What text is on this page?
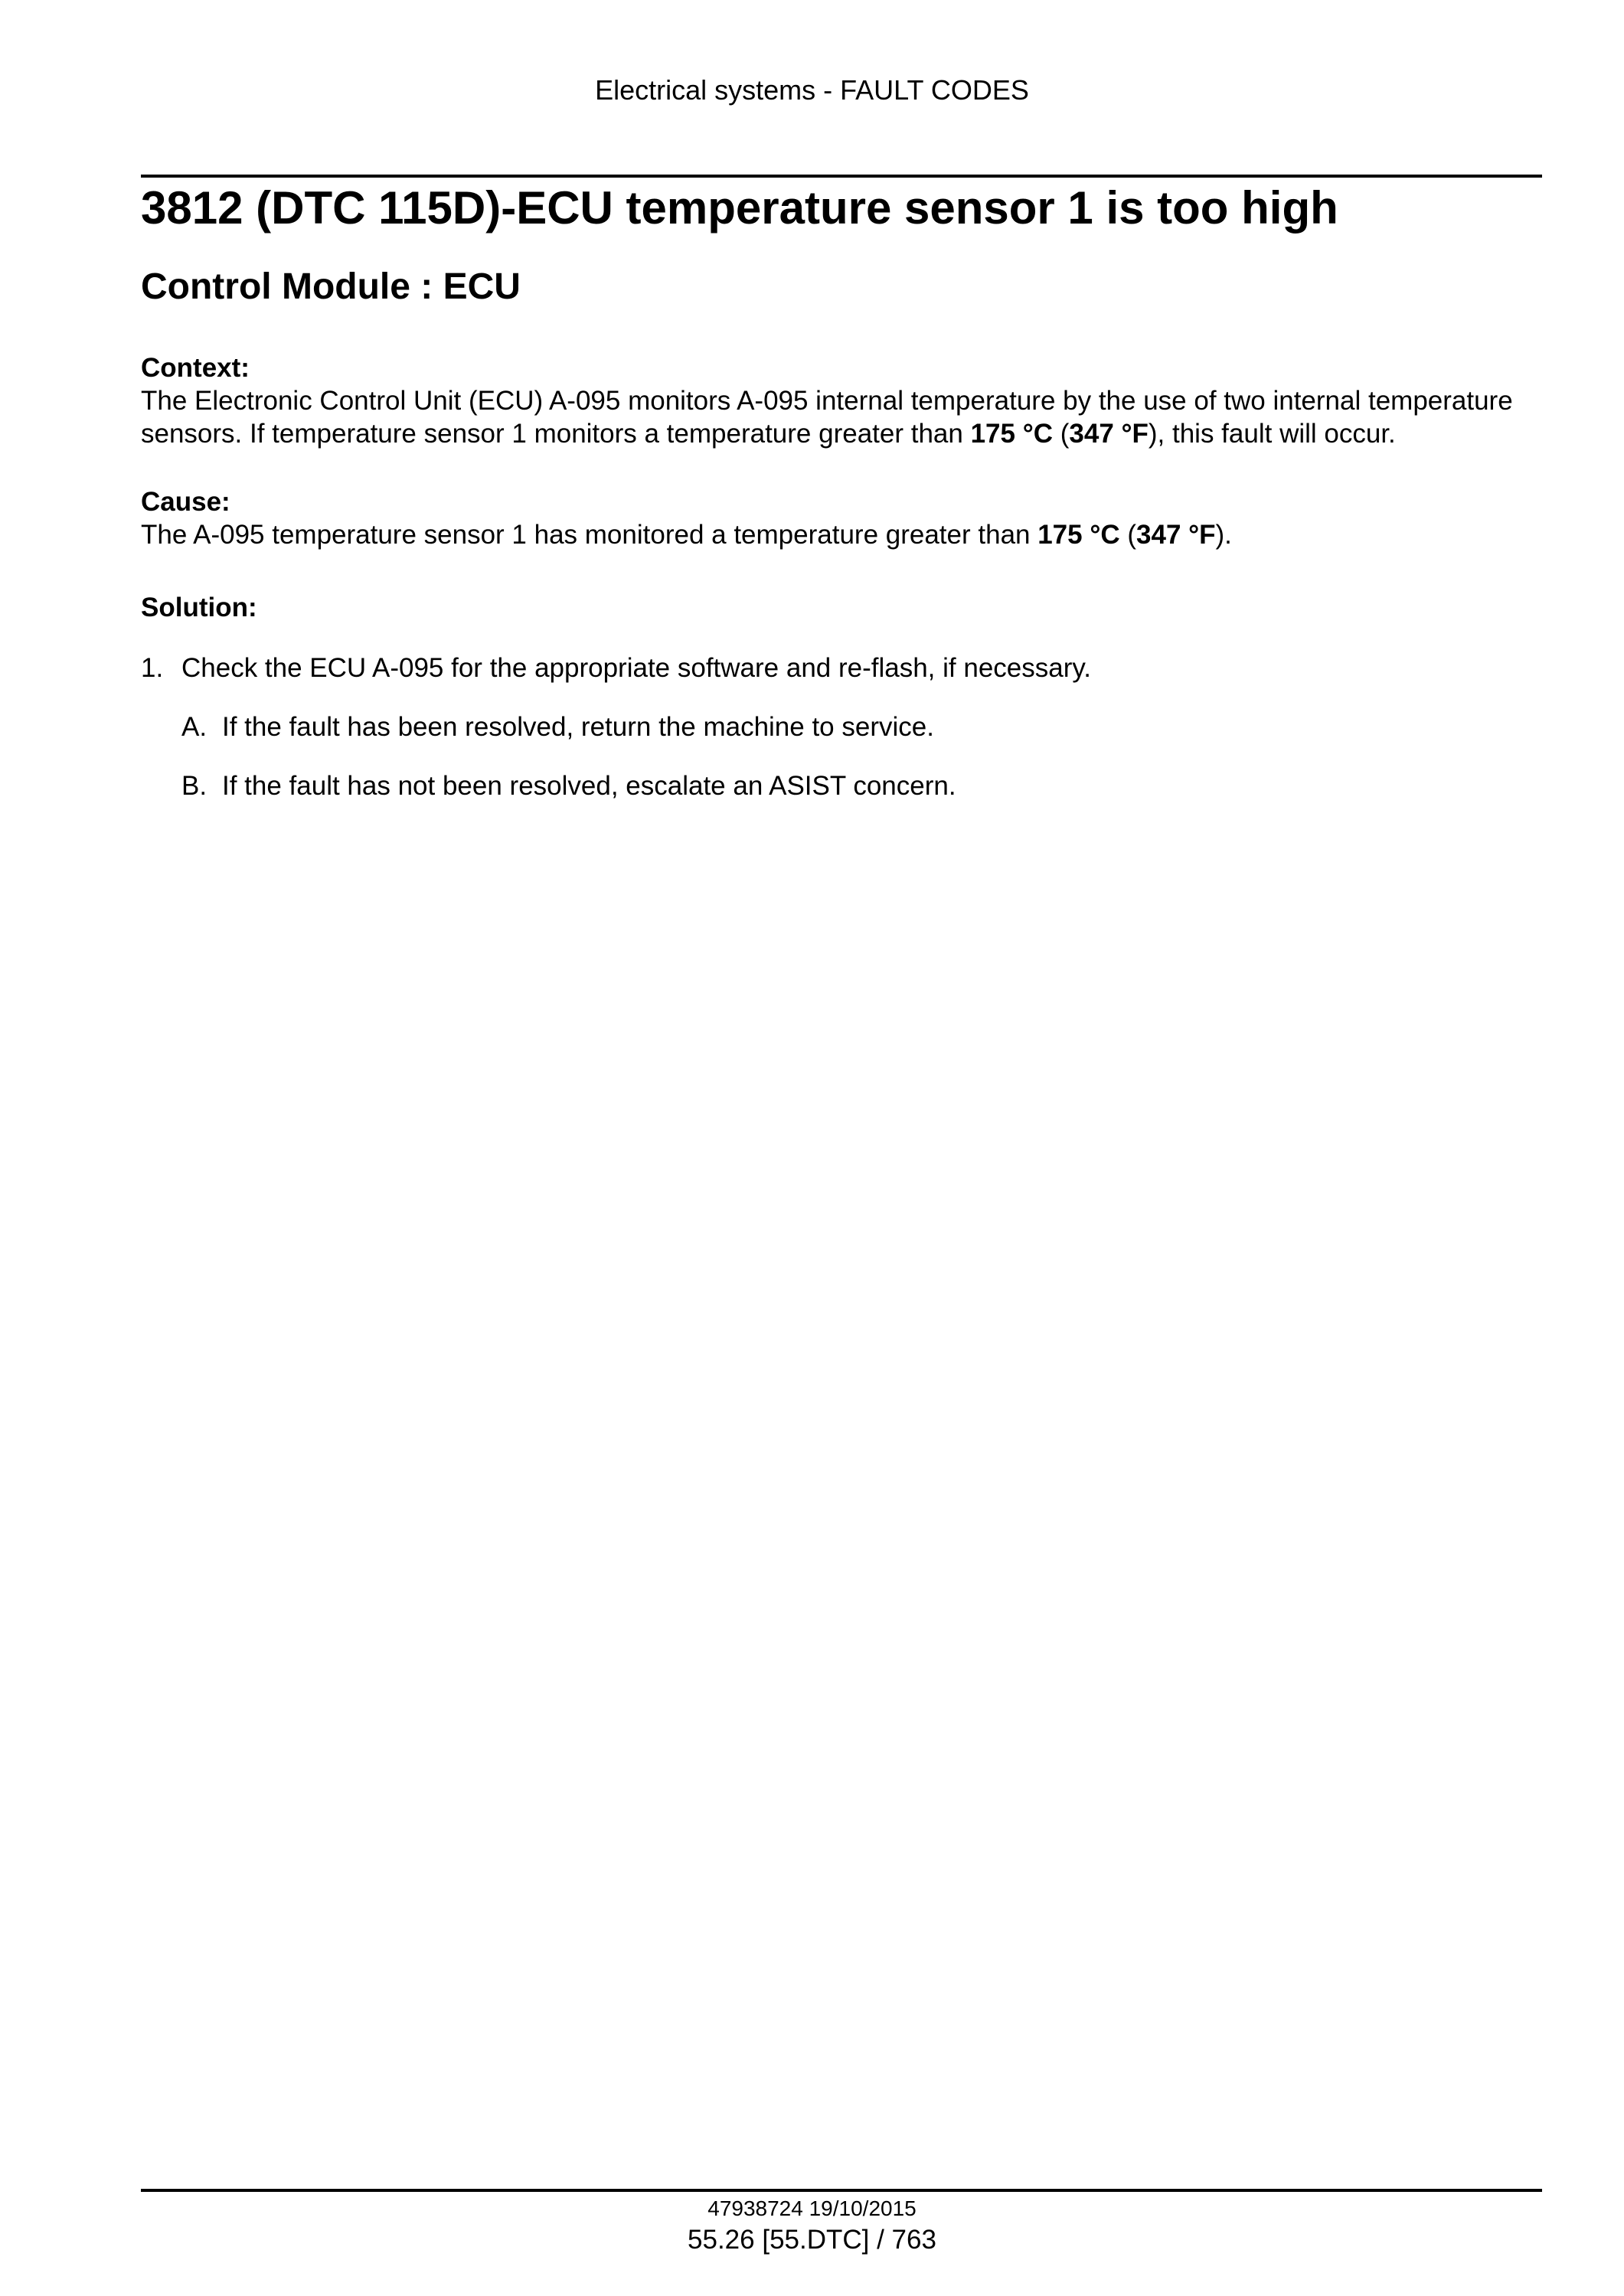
Electrical systems - FAULT CODES
3812 (DTC 115D)-ECU temperature sensor 1 is too high
Control Module : ECU
Context:
The Electronic Control Unit (ECU) A-095 monitors A-095 internal temperature by the use of two internal temperature sensors. If temperature sensor 1 monitors a temperature greater than 175 °C (347 °F), this fault will occur.
Cause:
The A-095 temperature sensor 1 has monitored a temperature greater than 175 °C (347 °F).
Solution:
1. Check the ECU A-095 for the appropriate software and re-flash, if necessary.
A. If the fault has been resolved, return the machine to service.
B. If the fault has not been resolved, escalate an ASIST concern.
47938724 19/10/2015
55.26 [55.DTC] / 763
